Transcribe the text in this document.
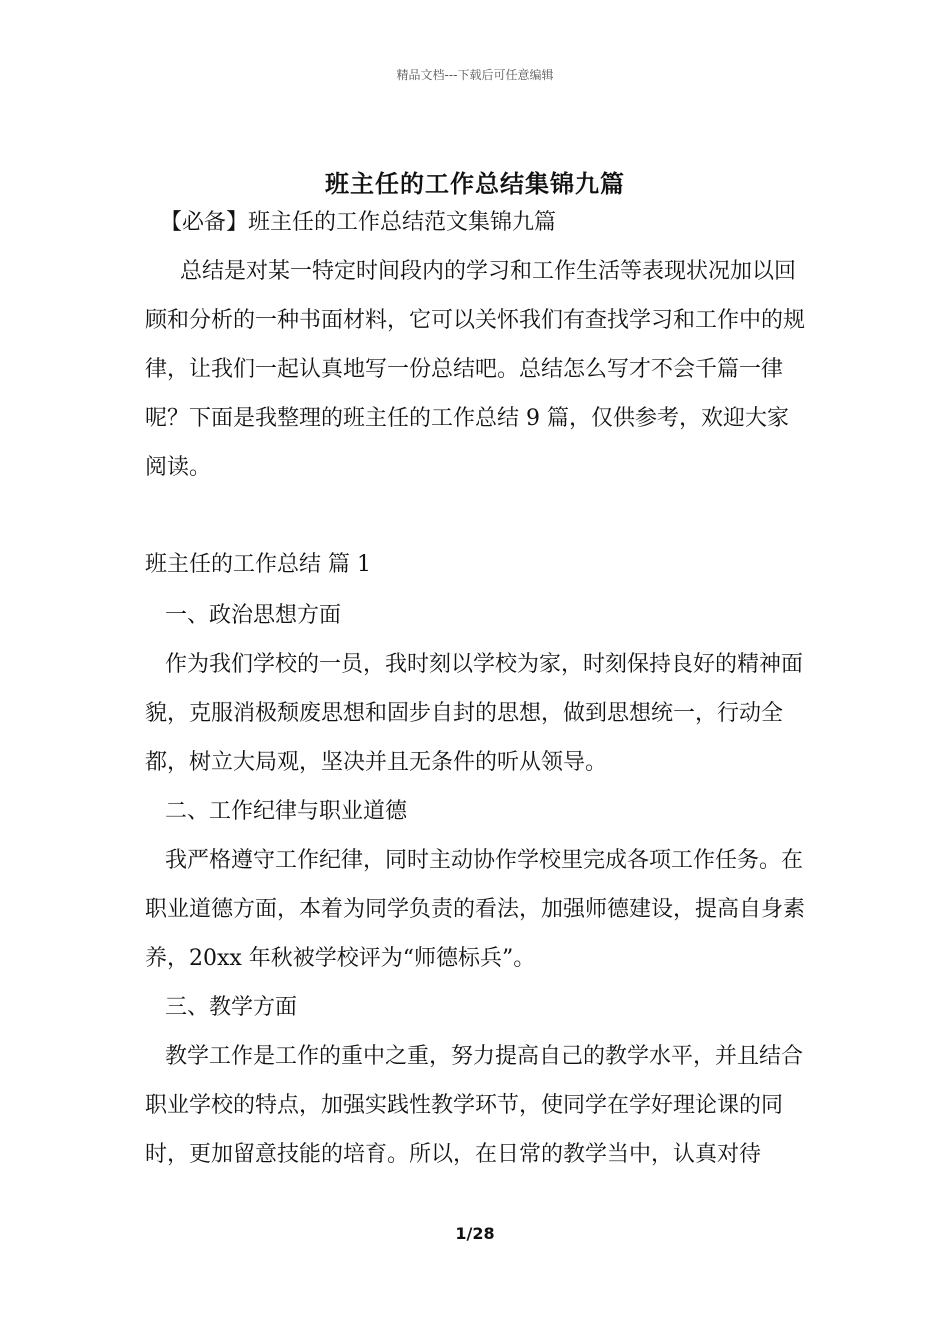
精品文档---下载后可任意编辑
班主任的工作总结集锦九篇

【必备】班主任的工作总结范文集锦九篇

总结是对某一特定时间段内的学习和工作生活等表现状况加以回顾和分析的一种书面材料，它可以关怀我们有查找学习和工作中的规律，让我们一起认真地写一份总结吧。总结怎么写才不会千篇一律呢？下面是我整理的班主任的工作总结 9 篇，仅供参考，欢迎大家阅读。

班主任的工作总结 篇 1

一、政治思想方面

作为我们学校的一员，我时刻以学校为家，时刻保持良好的精神面貌，克服消极颓废思想和固步自封的思想，做到思想统一，行动全都，树立大局观，坚决并且无条件的听从领导。

二、工作纪律与职业道德

我严格遵守工作纪律，同时主动协作学校里完成各项工作任务。在职业道德方面，本着为同学负责的看法，加强师德建设，提高自身素养，20xx 年秋被学校评为“师德标兵”。

三、教学方面

教学工作是工作的重中之重，努力提高自己的教学水平，并且结合职业学校的特点，加强实践性教学环节，使同学在学好理论课的同时，更加留意技能的培育。所以，在日常的教学当中，认真对待

1/28
